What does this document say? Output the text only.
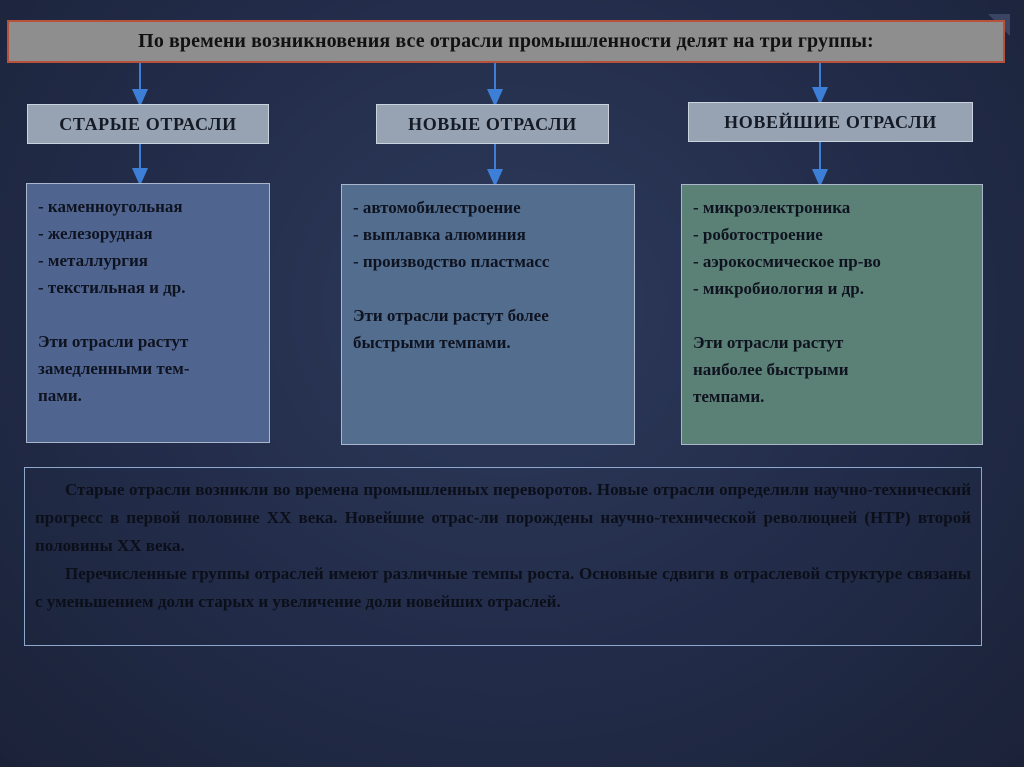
По времени возникновения все отрасли промышленности делят на три группы:
СТАРЫЕ ОТРАСЛИ	НОВЫЕ ОТРАСЛИ	НОВЕЙШИЕ ОТРАСЛИ

- каменноугольная

- железорудная

- металлургия

- текстильная и др.

Эти отрасли растут

замедленными тем-

пами.

- автомобилестроение

- выплавка алюминия

- производство пластмасс

Эти отрасли растут более

быстрыми темпами.

- микроэлектроника

- роботостроение

- аэрокосмическое пр-во

- микробиология и др.

Эти отрасли растут

наиболее быстрыми

темпами.

Старые отрасли возникли во времена промышленных переворотов. Новые отрасли определили научно-технический прогресс в первой половине XX века. Новейшие отрас-ли порождены научно-технической революцией (НТР) второй половины XX века.

Перечисленные группы отраслей имеют различные темпы роста. Основные сдвиги в отраслевой структуре связаны с уменьшением доли старых и увеличение доли новейших отраслей.
